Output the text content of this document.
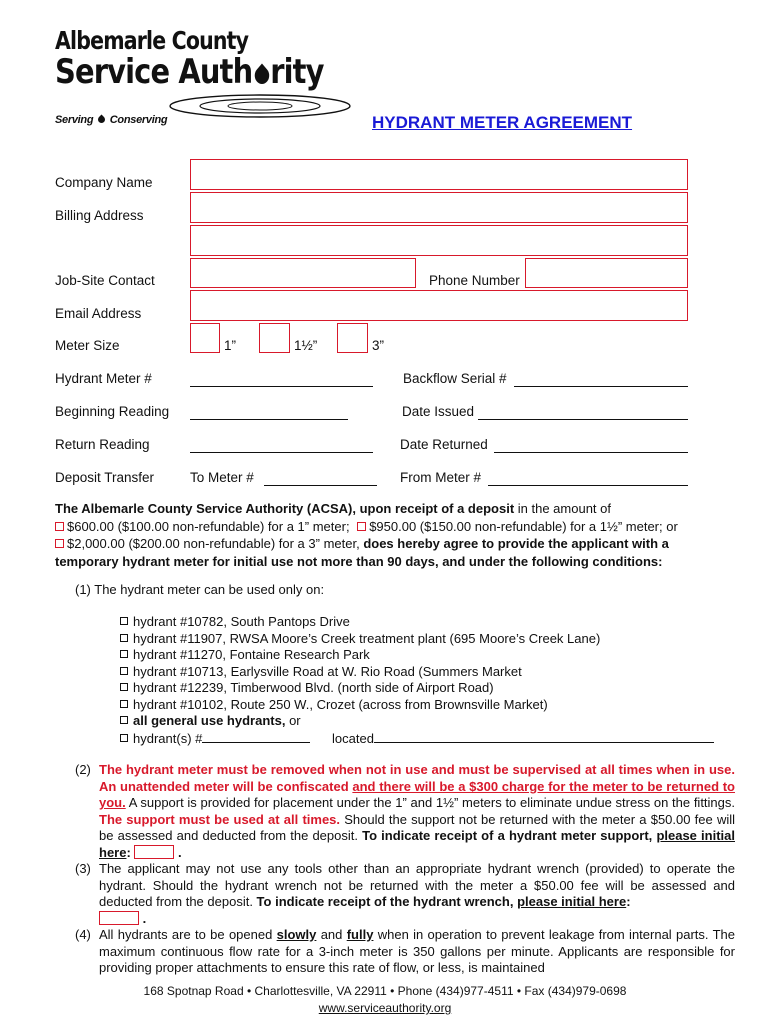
Albemarle County
Service Auth rity
Serving Conserving	HYDRANT METER AGREEMENT
Company Name
Billing Address
Job-Site Contact	Phone Number
Email Address
Meter Size	1”	1½”	3”
Hydrant Meter #	Backflow Serial #
Beginning Reading	Date Issued
Return Reading	Date Returned
Deposit Transfer	To Meter #	From Meter #
The Albemarle County Service Authority (ACSA), upon receipt of a deposit in the amount of
$600.00 ($100.00 non-refundable) for a 1” meter; $950.00 ($150.00 non-refundable) for a 1½” meter; or
$2,000.00 ($200.00 non-refundable) for a 3” meter, does hereby agree to provide the applicant with a temporary hydrant meter for initial use not more than 90 days, and under the following conditions:
(1) The hydrant meter can be used only on:
hydrant #10782, South Pantops Drive
hydrant #11907, RWSA Moore’s Creek treatment plant (695 Moore’s Creek Lane)
hydrant #11270, Fontaine Research Park
hydrant #10713, Earlysville Road at W. Rio Road (Summers Market
hydrant #12239, Timberwood Blvd. (north side of Airport Road)
hydrant #10102, Route 250 W., Crozet (across from Brownsville Market)
all general use hydrants, or
hydrant(s) #	located
(2) The hydrant meter must be removed when not in use and must be supervised at all times when in use. An unattended meter will be confiscated and there will be a $300 charge for the meter to be returned to you. A support is provided for placement under the 1” and 1½” meters to eliminate undue stress on the fittings. The support must be used at all times. Should the support not be returned with the meter a $50.00 fee will be assessed and deducted from the deposit. To indicate receipt of a hydrant meter support, please initial here:	.
(3) The applicant may not use any tools other than an appropriate hydrant wrench (provided) to operate the hydrant. Should the hydrant wrench not be returned with the meter a $50.00 fee will be assessed and deducted from the deposit. To indicate receipt of the hydrant wrench, please initial here:
.
(4) All hydrants are to be opened slowly and fully when in operation to prevent leakage from internal parts. The maximum continuous flow rate for a 3-inch meter is 350 gallons per minute. Applicants are responsible for providing proper attachments to ensure this rate of flow, or less, is maintained
168 Spotnap Road • Charlottesville, VA 22911 • Phone (434)977-4511 • Fax (434)979-0698
www.serviceauthority.org
